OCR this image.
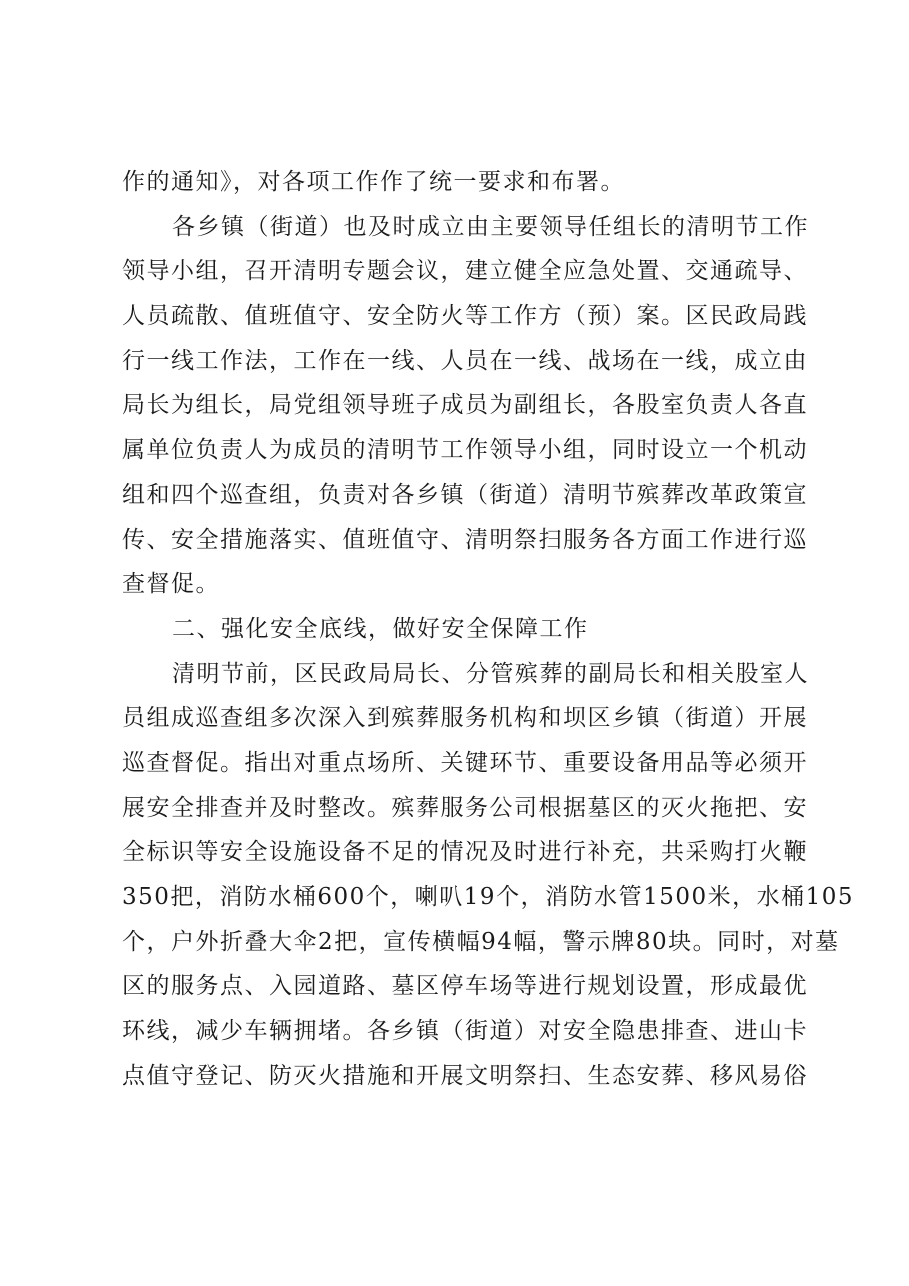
作的通知》，对各项工作作了统一要求和布署。
各乡镇（街道）也及时成立由主要领导任组长的清明节工作
领导小组，召开清明专题会议，建立健全应急处置、交通疏导、
人员疏散、值班值守、安全防火等工作方（预）案。区民政局践
行一线工作法，工作在一线、人员在一线、战场在一线，成立由
局长为组长，局党组领导班子成员为副组长，各股室负责人各直
属单位负责人为成员的清明节工作领导小组，同时设立一个机动
组和四个巡查组，负责对各乡镇（街道）清明节殡葬改革政策宣
传、安全措施落实、值班值守、清明祭扫服务各方面工作进行巡
查督促。
二、强化安全底线，做好安全保障工作
清明节前，区民政局局长、分管殡葬的副局长和相关股室人
员组成巡查组多次深入到殡葬服务机构和坝区乡镇（街道）开展
巡查督促。指出对重点场所、关键环节、重要设备用品等必须开
展安全排查并及时整改。殡葬服务公司根据墓区的灭火拖把、安
全标识等安全设施设备不足的情况及时进行补充，共采购打火鞭
350把，消防水桶600个，喇叭19个，消防水管1500米，水桶105
个，户外折叠大伞2把，宣传横幅94幅，警示牌80块。同时，对墓
区的服务点、入园道路、墓区停车场等进行规划设置，形成最优
环线，减少车辆拥堵。各乡镇（街道）对安全隐患排查、进山卡
点值守登记、防灭火措施和开展文明祭扫、生态安葬、移风易俗
